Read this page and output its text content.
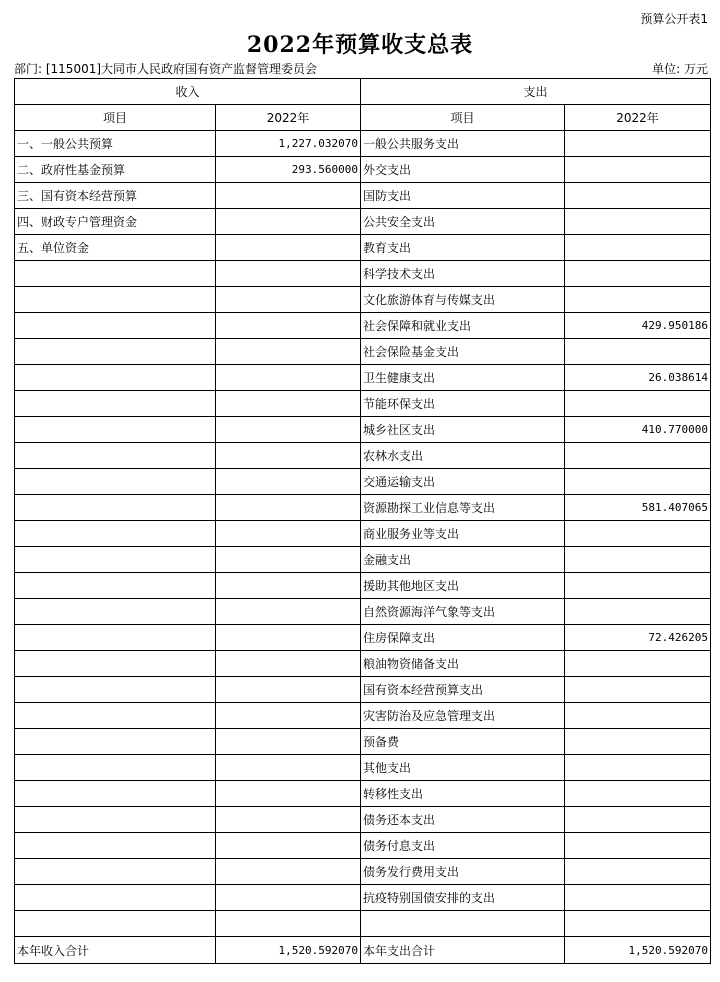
预算公开表1
2022年预算收支总表
部门: [115001]大同市人民政府国有资产监督管理委员会	单位: 万元
收入		支出	
项目	2022年	项目	2022年
一、一般公共预算	1,227.032070	一般公共服务支出	
二、政府性基金预算	293.560000	外交支出	
三、国有资本经营预算		国防支出	
四、财政专户管理资金		公共安全支出	
五、单位资金		教育支出	
		科学技术支出	
		文化旅游体育与传媒支出	
		社会保障和就业支出	429.950186
		社会保险基金支出	
		卫生健康支出	26.038614
		节能环保支出	
		城乡社区支出	410.770000
		农林水支出	
		交通运输支出	
		资源勘探工业信息等支出	581.407065
		商业服务业等支出	
		金融支出	
		援助其他地区支出	
		自然资源海洋气象等支出	
		住房保障支出	72.426205
		粮油物资储备支出	
		国有资本经营预算支出	
		灾害防治及应急管理支出	
		预备费	
		其他支出	
		转移性支出	
		债务还本支出	
		债务付息支出	
		债务发行费用支出	
		抗疫特别国债安排的支出	

本年收入合计	1,520.592070	本年支出合计	1,520.592070
